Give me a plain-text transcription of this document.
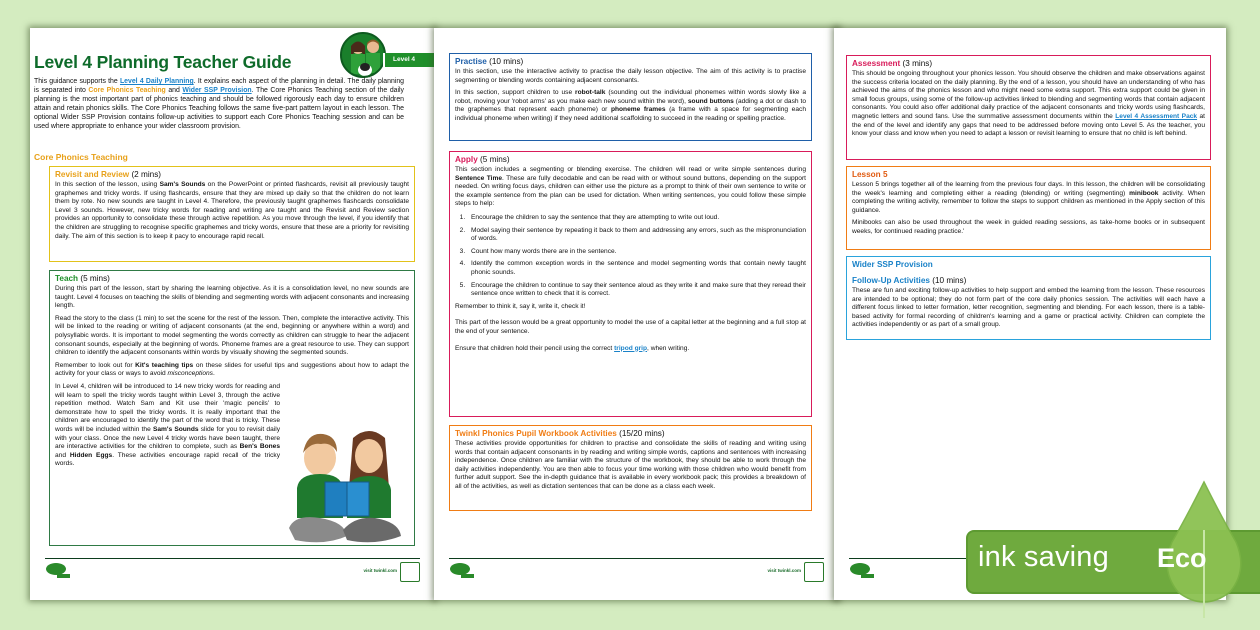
Level 4 Planning Teacher Guide	Level 4
This guidance supports the Level 4 Daily Planning. It explains each aspect of the planning in detail. The daily planning is separated into Core Phonics Teaching and Wider SSP Provision. The Core Phonics Teaching section of the daily planning is the most important part of phonics teaching and should be followed rigorously each day to ensure children attain and retain phonics skills. The Core Phonics Teaching follows the same five-part pattern layout in each lesson. The optional Wider SSP Provision contains follow-up activities to support each Core Phonics Teaching session and can be used where appropriate to enhance your wider classroom provision.
Core Phonics Teaching
Revisit and Review (2 mins)

In this section of the lesson, using Sam's Sounds on the PowerPoint or printed flashcards, revisit all previously taught graphemes and tricky words. If using flashcards, ensure that they are mixed up daily so that the children do not learn them by rote. No new sounds are taught in Level 4. Therefore, the previously taught graphemes flashcards consolidate Level 3 sounds. However, new tricky words for reading and writing are taught and the Revisit and Review section provides an opportunity to consolidate these through active repetition. As you move through the level, if you identify that the children are struggling to recognise specific graphemes and tricky words, ensure that these are a priority for revisiting daily. The aim of this section is to keep it pacy to encourage rapid recall.

Teach (5 mins)

During this part of the lesson, start by sharing the learning objective. As it is a consolidation level, no new sounds are taught. Level 4 focuses on teaching the skills of blending and segmenting words with adjacent consonants and increasing length.

Read the story to the class (1 min) to set the scene for the rest of the lesson. Then, complete the interactive activity. This will be linked to the reading or writing of adjacent consonants (at the end, beginning or anywhere within a word) and polysyllabic words. It is important to model segmenting the words correctly as children can struggle to hear the adjacent consonant sounds, especially at the beginning of words. Phoneme frames are a great resource to use. They can support children to identify the adjacent consonants within words by visually showing the segmented sounds.

Remember to look out for Kit's teaching tips on these slides for useful tips and suggestions about how to adapt the activity for your class or ways to avoid misconceptions.

In Level 4, children will be introduced to 14 new tricky words for reading and will learn to spell the tricky words taught within Level 3, through the active repetition method. Watch Sam and Kit use their 'magic pencils' to demonstrate how to spell the tricky words. It is really important that the children are encouraged to identify the part of the word that is tricky. These words will be included within the Sam's Sounds slide for you to revisit daily with your class. Once the new Level 4 tricky words have been taught, there are interactive activities for the children to complete, such as Ben's Bones and Hidden Eggs. These activities encourage rapid recall of the tricky words.

visit twinkl.com
Practise (10 mins)

In this section, use the interactive activity to practise the daily lesson objective. The aim of this activity is to practise segmenting or blending words containing adjacent consonants.

In this section, support children to use robot-talk (sounding out the individual phonemes within words slowly like a robot, moving your 'robot arms' as you make each new sound within the word), sound buttons (adding a dot or dash to the graphemes that represent each phoneme) or phoneme frames (a frame with a space for segmenting each individual phoneme when writing) if they need additional scaffolding to succeed in the reading or spelling practice.

Apply (5 mins)

This section includes a segmenting or blending exercise. The children will read or write simple sentences during Sentence Time. These are fully decodable and can be read with or without sound buttons, depending on the support needed. On writing focus days, children can either use the picture as a prompt to think of their own sentence to write or the example sentence from the plan can be used for dictation. When writing sentences, you could follow these simple steps to help:

1. Encourage the children to say the sentence that they are attempting to write out loud.
2. Model saying their sentence by repeating it back to them and addressing any errors, such as the mispronunciation of words.
3. Count how many words there are in the sentence.
4. Identify the common exception words in the sentence and model segmenting words that contain newly taught phonic sounds.
5. Encourage the children to continue to say their sentence aloud as they write it and make sure that they reread their sentence once written to check that it is correct.

Remember to think it, say it, write it, check it!

This part of the lesson would be a great opportunity to model the use of a capital letter at the beginning and a full stop at the end of your sentence.

Ensure that children hold their pencil using the correct tripod grip, when writing.

Twinkl Phonics Pupil Workbook Activities (15/20 mins)

These activities provide opportunities for children to practise and consolidate the skills of reading and writing using words that contain adjacent consonants in by reading and writing simple words, captions and sentences with increasing independence. Once children are familiar with the structure of the workbook, they should be able to work through the daily activities independently. You are then able to focus your time working with those children who would benefit from further adult support. See the in-depth guidance that is available in every workbook pack; this provides a breakdown of all of the activities, as well as dictation sentences that can be done as a class each week.

visit twinkl.com
Assessment (3 mins)

This should be ongoing throughout your phonics lesson. You should observe the children and make observations against the success criteria located on the daily planning. By the end of a lesson, you should have an understanding of who has achieved the aims of the phonics lesson and who might need some extra support. This extra support could be given in small focus groups, using some of the follow-up activities linked to blending and segmenting words that contain adjacent consonants. You could also offer additional daily practice of the adjacent consonants and tricky words using flashcards, magnetic letters and sound fans. Use the summative assessment documents within the Level 4 Assessment Pack at the end of the level and identify any gaps that need to be addressed before moving onto Level 5. As the teacher, you know your class and know when you need to adapt a lesson or revisit learning to ensure that no child is left behind.

Lesson 5

Lesson 5 brings together all of the learning from the previous four days. In this lesson, the children will be consolidating the week's learning and completing either a reading (blending) or writing (segmenting) minibook activity. When completing the writing activity, remember to follow the steps to support children as mentioned in the Apply section of this guidance.

Minibooks can also be used throughout the week in guided reading sessions, as take-home books or in subsequent weeks, for continued reading practice.'

Wider SSP Provision
Follow-Up Activities (10 mins)

These are fun and exciting follow-up activities to help support and embed the learning from the lesson. These resources are intended to be optional; they do not form part of the core daily phonics session. The activities will each have a different focus linked to letter formation, letter recognition, segmenting and blending. For each lesson, there is a table-based activity for formal recording of children's learning and a game or practical activity. Children can complete the activities independently or as part of a small group.

ink saving Eco
